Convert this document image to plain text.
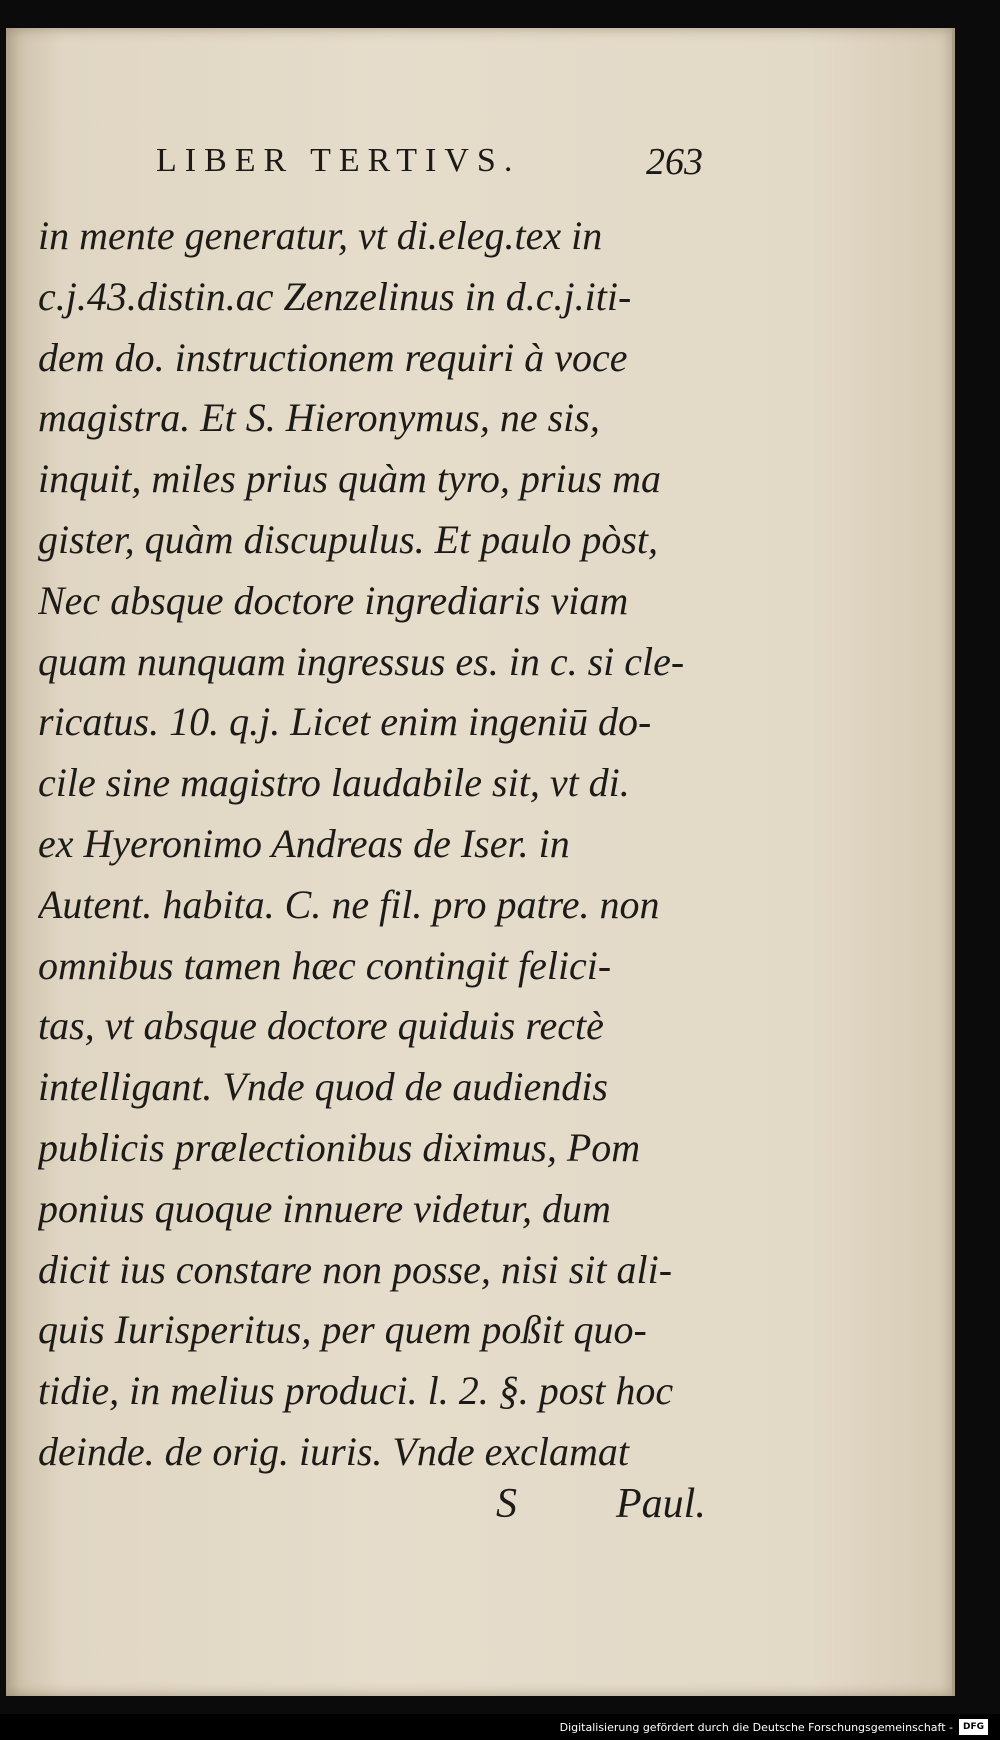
LIBER TERTIVS.	263
in mente generatur, vt di.eleg.tex in
c.j.43.distin.ac Zenzelinus in d.c.j.iti-
dem do. instructionem requiri à voce
magistra. Et S. Hieronymus, ne sis,
inquit, miles prius quàm tyro, prius ma
gister, quàm discupulus. Et paulo pòst,
Nec absque doctore ingrediaris viam
quam nunquam ingressus es. in c. si cle-
ricatus. 10. q.j. Licet enim ingeniū do-
cile sine magistro laudabile sit, vt di.
ex Hyeronimo Andreas de Iser. in
Autent. habita. C. ne fil. pro patre. non
omnibus tamen hæc contingit felici-
tas, vt absque doctore quiduis rectè
intelligant. Vnde quod de audiendis
publicis prælectionibus diximus, Pom
ponius quoque innuere videtur, dum
dicit ius constare non posse, nisi sit ali-
quis Iurisperitus, per quem poßit quo-
tidie, in melius produci. l. 2. §. post hoc
deinde. de orig. iuris. Vnde exclamat
S Paul.
Digitalisierung gefördert durch die Deutsche Forschungsgemeinschaft -	DFG
